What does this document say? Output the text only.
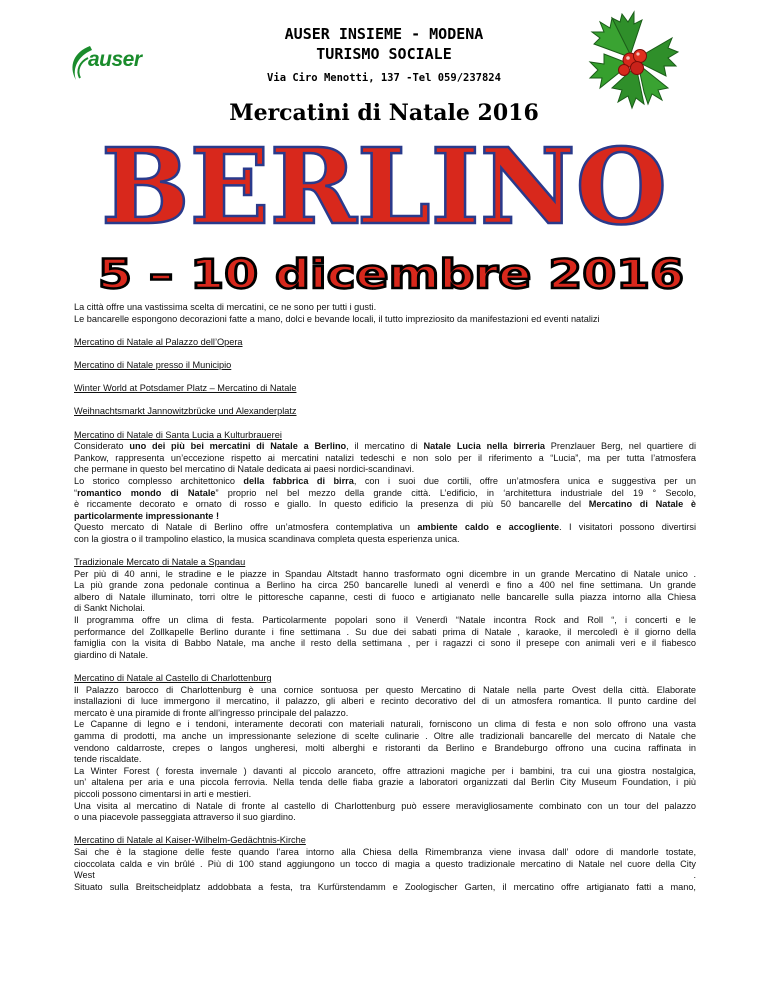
auser
AUSER INSIEME - MODENA
TURISMO SOCIALE
Via Ciro Menotti, 137 -Tel 059/237824
Mercatini di Natale 2016
BERLINO
5 – 10 dicembre 2016

La città offre una vastissima scelta di mercatini, ce ne sono per tutti i gusti.

Le bancarelle espongono decorazioni fatte a mano, dolci e bevande locali, il tutto impreziosito da manifestazioni ed eventi natalizi

Mercatino di Natale al Palazzo dell’Opera

Mercatino di Natale presso il Municipio

Winter World at Potsdamer Platz – Mercatino di Natale

Weihnachtsmarkt Jannowitzbrücke und Alexanderplatz

Mercatino di Natale di Santa Lucia a Kulturbrauerei

Considerato uno dei più bei mercatini di Natale a Berlino, il mercatino di Natale Lucia nella birreria Prenzlauer Berg, nel quartiere di

Pankow, rappresenta un’eccezione rispetto ai mercatini natalizi tedeschi e non solo per il riferimento a “Lucia”, ma per tutta l’atmosfera

che permane in questo bel mercatino di Natale dedicata ai paesi nordici-scandinavi.

Lo storico complesso architettonico della fabbrica di birra, con i suoi due cortili, offre un’atmosfera unica e suggestiva per un

“romantico mondo di Natale” proprio nel bel mezzo della grande città. L’edificio, in ‘architettura industriale del 19 ° Secolo,

è riccamente decorato e ornato di rosso e giallo. In questo edificio la presenza di più 50 bancarelle del Mercatino di Natale è

particolarmente impressionante !

Questo mercato di Natale di Berlino offre un’atmosfera contemplativa un ambiente caldo e accogliente. I visitatori possono divertirsi

con la giostra o il trampolino elastico, la musica scandinava completa questa esperienza unica.

Tradizionale Mercato di Natale a Spandau

Per più di 40 anni, le stradine e le piazze in Spandau Altstadt hanno trasformato ogni dicembre in un grande Mercatino di Natale unico .

La più grande zona pedonale continua a Berlino ha circa 250 bancarelle lunedì al venerdì e fino a 400 nel fine settimana. Un grande

albero di Natale illuminato, torri oltre le pittoresche capanne, cesti di fuoco e artigianato nelle bancarelle sulla piazza intorno alla Chiesa

di Sankt Nicholai.

Il programma offre un clima di festa. Particolarmente popolari sono il Venerdì “Natale incontra Rock and Roll “, i concerti e le

performance del Zollkapelle Berlino durante i fine settimana . Su due dei sabati prima di Natale , karaoke, il mercoledì è il giorno della

famiglia con la visita di Babbo Natale, ma anche il resto della settimana , per i ragazzi ci sono il presepe con animali veri e il fiabesco

giardino di Natale.

Mercatino di Natale al Castello di Charlottenburg

Il Palazzo barocco di Charlottenburg è una cornice sontuosa per questo Mercatino di Natale nella parte Ovest della città. Elaborate

installazioni di luce immergono il mercatino, il palazzo, gli alberi e recinto decorativo del di un atmosfera romantica. Il punto cardine del

mercato è una piramide di fronte all’ingresso principale del palazzo.

Le Capanne di legno e i tendoni, interamente decorati con materiali naturali, forniscono un clima di festa e non solo offrono una vasta

gamma di prodotti, ma anche un impressionante selezione di scelte culinarie . Oltre alle tradizionali bancarelle del mercato di Natale che

vendono caldarroste, crepes o langos ungheresi, molti alberghi e ristoranti da Berlino e Brandeburgo offrono una cucina raffinata in

tende riscaldate.

La Winter Forest ( foresta invernale ) davanti al piccolo aranceto, offre attrazioni magiche per i bambini, tra cui una giostra nostalgica,

un’ altalena per aria e una piccola ferrovia. Nella tenda delle fiaba grazie a laboratori organizzati dal Berlin City Museum Foundation, i più

piccoli possono cimentarsi in arti e mestieri.

Una visita al mercatino di Natale di fronte al castello di Charlottenburg può essere meravigliosamente combinato con un tour del palazzo

o una piacevole passeggiata attraverso il suo giardino.

Mercatino di Natale al Kaiser-Wilhelm-Gedächtnis-Kirche

Sai che è la stagione delle feste quando l’area intorno alla Chiesa della Rimembranza viene invasa dall’ odore di mandorle tostate,

cioccolata calda e vin brûlé . Più di 100 stand aggiungono un tocco di magia a questo tradizionale mercatino di Natale nel cuore della City

West	.

Situato sulla Breitscheidplatz addobbata a festa, tra Kurfürstendamm e Zoologischer Garten, il mercatino offre artigianato fatti a mano,
